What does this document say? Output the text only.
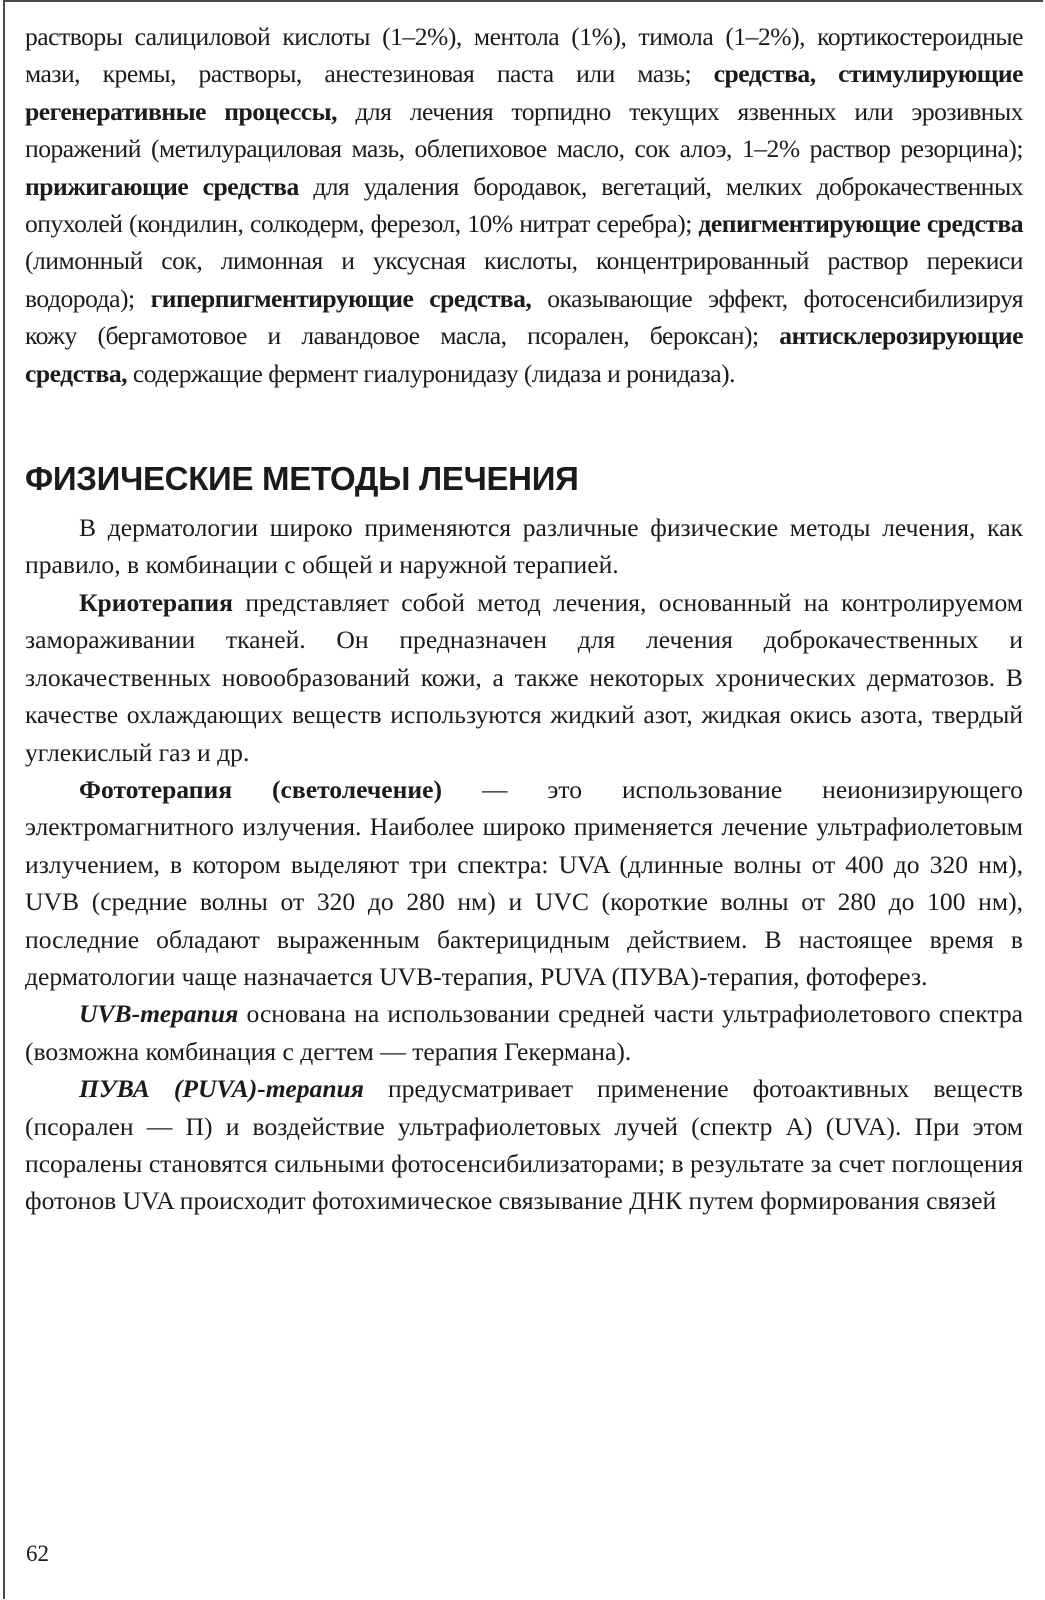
растворы салициловой кислоты (1–2%), ментола (1%), тимола (1–2%), кортикостероидные мази, кремы, растворы, анестезиновая паста или мазь; средства, стимулирующие регенеративные процессы, для лечения торпидно текущих язвенных или эрозивных поражений (метилурациловая мазь, облепиховое масло, сок алоэ, 1–2% раствор резорцина); прижигающие средства для удаления бородавок, вегетаций, мелких доброкачественных опухолей (кондилин, солкодерм, ферезол, 10% нитрат серебра); депигментирующие средства (лимонный сок, лимонная и уксусная кислоты, концентрированный раствор перекиси водорода); гиперпигментирующие средства, оказывающие эффект, фотосенсибилизируя кожу (бергамотовое и лавандовое масла, псорален, бероксан); антисклерозирующие средства, содержащие фермент гиалуронидазу (лидаза и ронидаза).

ФИЗИЧЕСКИЕ МЕТОДЫ ЛЕЧЕНИЯ

В дерматологии широко применяются различные физические методы лечения, как правило, в комбинации с общей и наружной терапией.

Криотерапия представляет собой метод лечения, основанный на контролируемом замораживании тканей. Он предназначен для лечения доброкачественных и злокачественных новообразований кожи, а также некоторых хронических дерматозов. В качестве охлаждающих веществ используются жидкий азот, жидкая окись азота, твердый углекислый газ и др.

Фототерапия (светолечение) — это использование неионизирующего электромагнитного излучения. Наиболее широко применяется лечение ультрафиолетовым излучением, в котором выделяют три спектра: UVA (длинные волны от 400 до 320 нм), UVB (средние волны от 320 до 280 нм) и UVC (короткие волны от 280 до 100 нм), последние обладают выраженным бактерицидным действием. В настоящее время в дерматологии чаще назначается UVB-терапия, PUVA (ПУВА)-терапия, фотоферез.

UVB-терапия основана на использовании средней части ультрафиолетового спектра (возможна комбинация с дегтем — терапия Гекермана).

ПУВА (PUVA)-терапия предусматривает применение фотоактивных веществ (псорален — П) и воздействие ультрафиолетовых лучей (спектр А) (UVA). При этом псоралены становятся сильными фотосенсибилизаторами; в результате за счет поглощения фотонов UVA происходит фотохимическое связывание ДНК путем формирования связей

62
